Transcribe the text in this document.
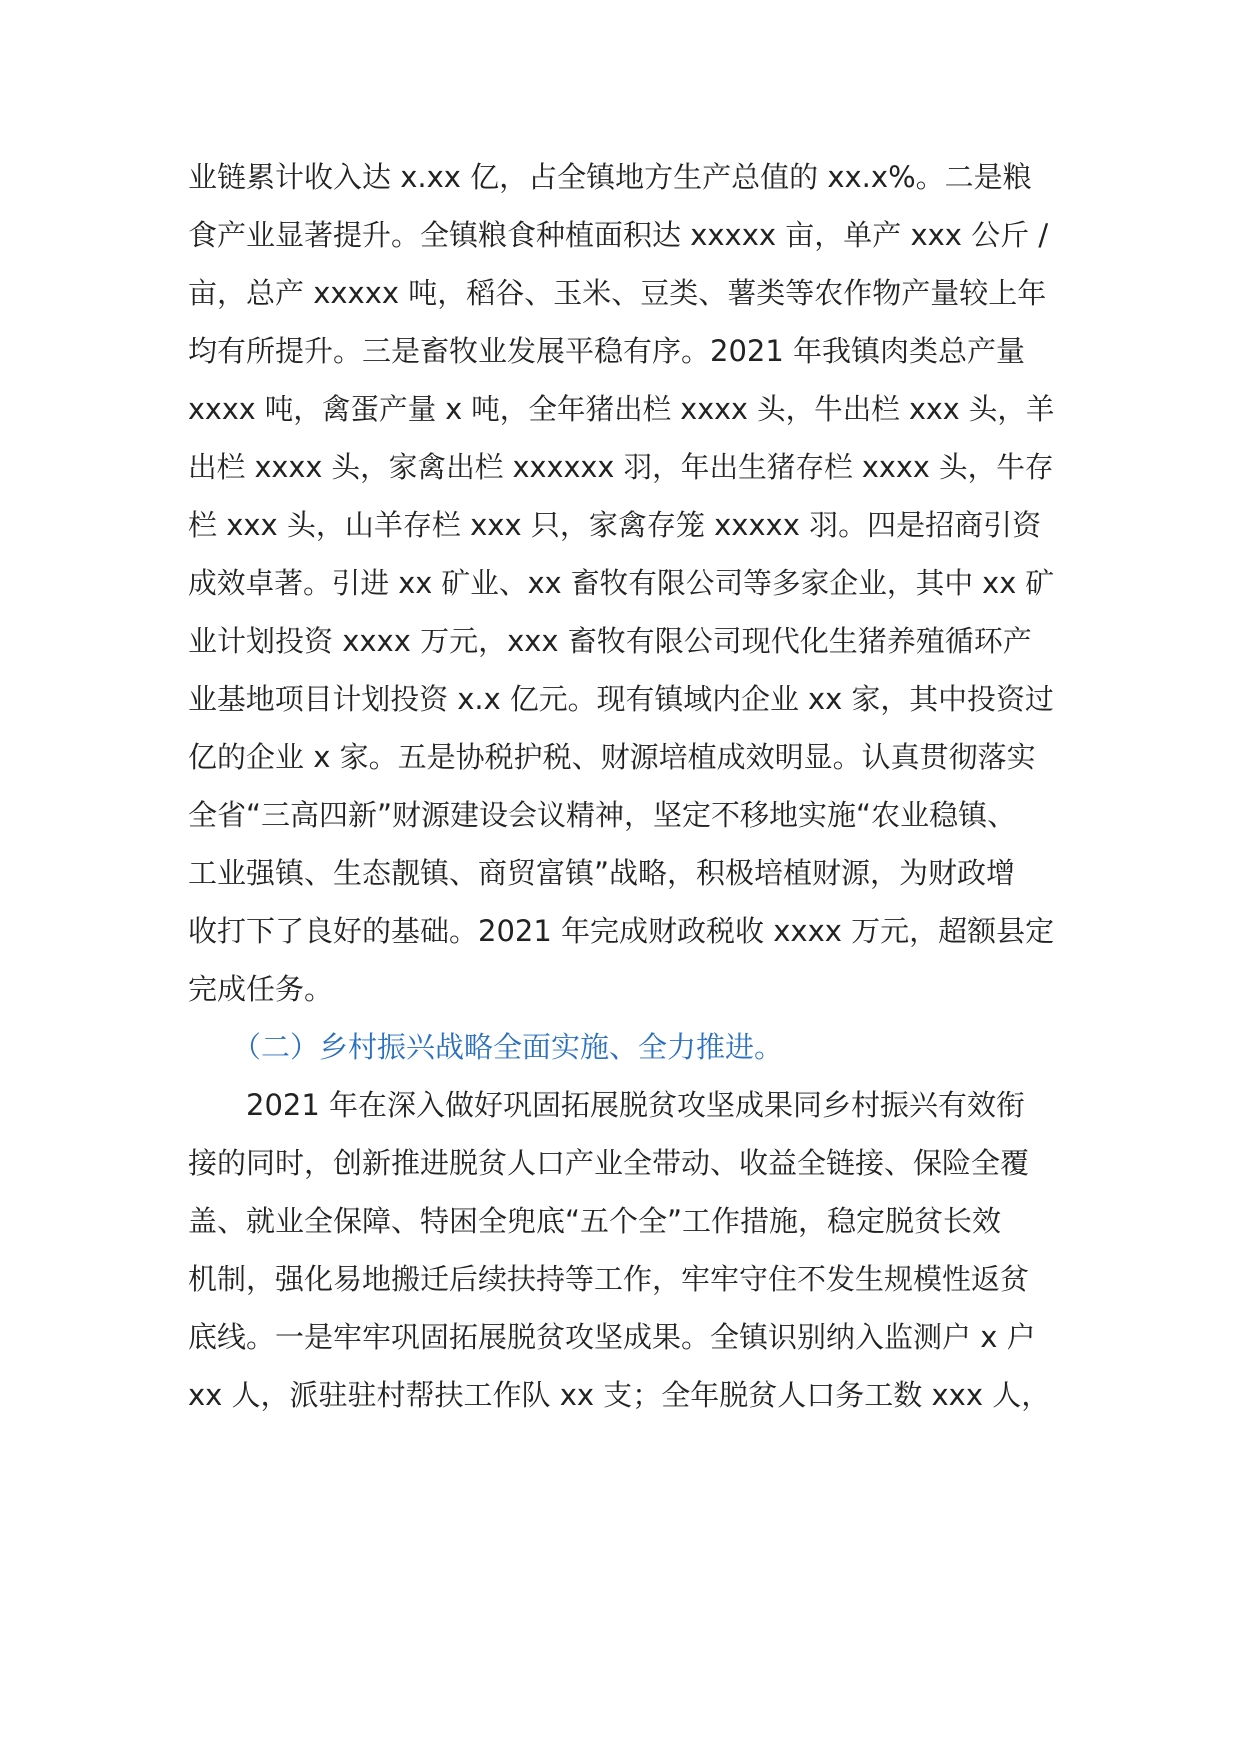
业链累计收入达 x.xx 亿，占全镇地方生产总值的 xx.x%。二是粮
食产业显著提升。全镇粮食种植面积达 xxxxx 亩，单产 xxx 公斤 /
亩，总产 xxxxx 吨，稻谷、玉米、豆类、薯类等农作物产量较上年
均有所提升。三是畜牧业发展平稳有序。2021 年我镇肉类总产量
xxxx 吨，禽蛋产量 x 吨，全年猪出栏 xxxx 头，牛出栏 xxx 头，羊
出栏 xxxx 头，家禽出栏 xxxxxx 羽，年出生猪存栏 xxxx 头，牛存
栏 xxx 头，山羊存栏 xxx 只，家禽存笼 xxxxx 羽。四是招商引资
成效卓著。引进 xx 矿业、xx 畜牧有限公司等多家企业，其中 xx 矿
业计划投资 xxxx 万元，xxx 畜牧有限公司现代化生猪养殖循环产
业基地项目计划投资 x.x 亿元。现有镇域内企业 xx 家，其中投资过
亿的企业 x 家。五是协税护税、财源培植成效明显。认真贯彻落实
全省“三高四新”财源建设会议精神，坚定不移地实施“农业稳镇、
工业强镇、生态靓镇、商贸富镇”战略，积极培植财源，为财政增
收打下了良好的基础。2021 年完成财政税收 xxxx 万元，超额县定
完成任务。
（二）乡村振兴战略全面实施、全力推进。
2021 年在深入做好巩固拓展脱贫攻坚成果同乡村振兴有效衔
接的同时，创新推进脱贫人口产业全带动、收益全链接、保险全覆
盖、就业全保障、特困全兜底“五个全”工作措施，稳定脱贫长效
机制，强化易地搬迁后续扶持等工作，牢牢守住不发生规模性返贫
底线。一是牢牢巩固拓展脱贫攻坚成果。全镇识别纳入监测户 x 户
xx 人，派驻驻村帮扶工作队 xx 支；全年脱贫人口务工数 xxx 人，
